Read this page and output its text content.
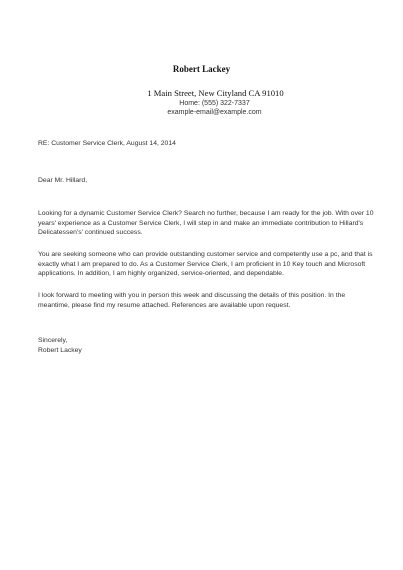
Robert Lackey
1 Main Street, New Cityland CA 91010
Home: (555) 322-7337
example-email@example.com

RE: Customer Service Clerk, August 14, 2014

Dear Mr. Hillard,

Looking for a dynamic Customer Service Clerk? Search no further, because I am ready for the job. With over 10 years' experience as a Customer Service Clerk, I will step in and make an immediate contribution to Hillard's Delicatessen's' continued success.

You are seeking someone who can provide outstanding customer service and competently use a pc, and that is exactly what I am prepared to do. As a Customer Service Clerk, I am proficient in 10 Key touch and Microsoft applications. In addition, I am highly organized, service-oriented, and dependable.

I look forward to meeting with you in person this week and discussing the details of this position. In the meantime, please find my resume attached. References are available upon request.

Sincerely,

Robert Lackey
